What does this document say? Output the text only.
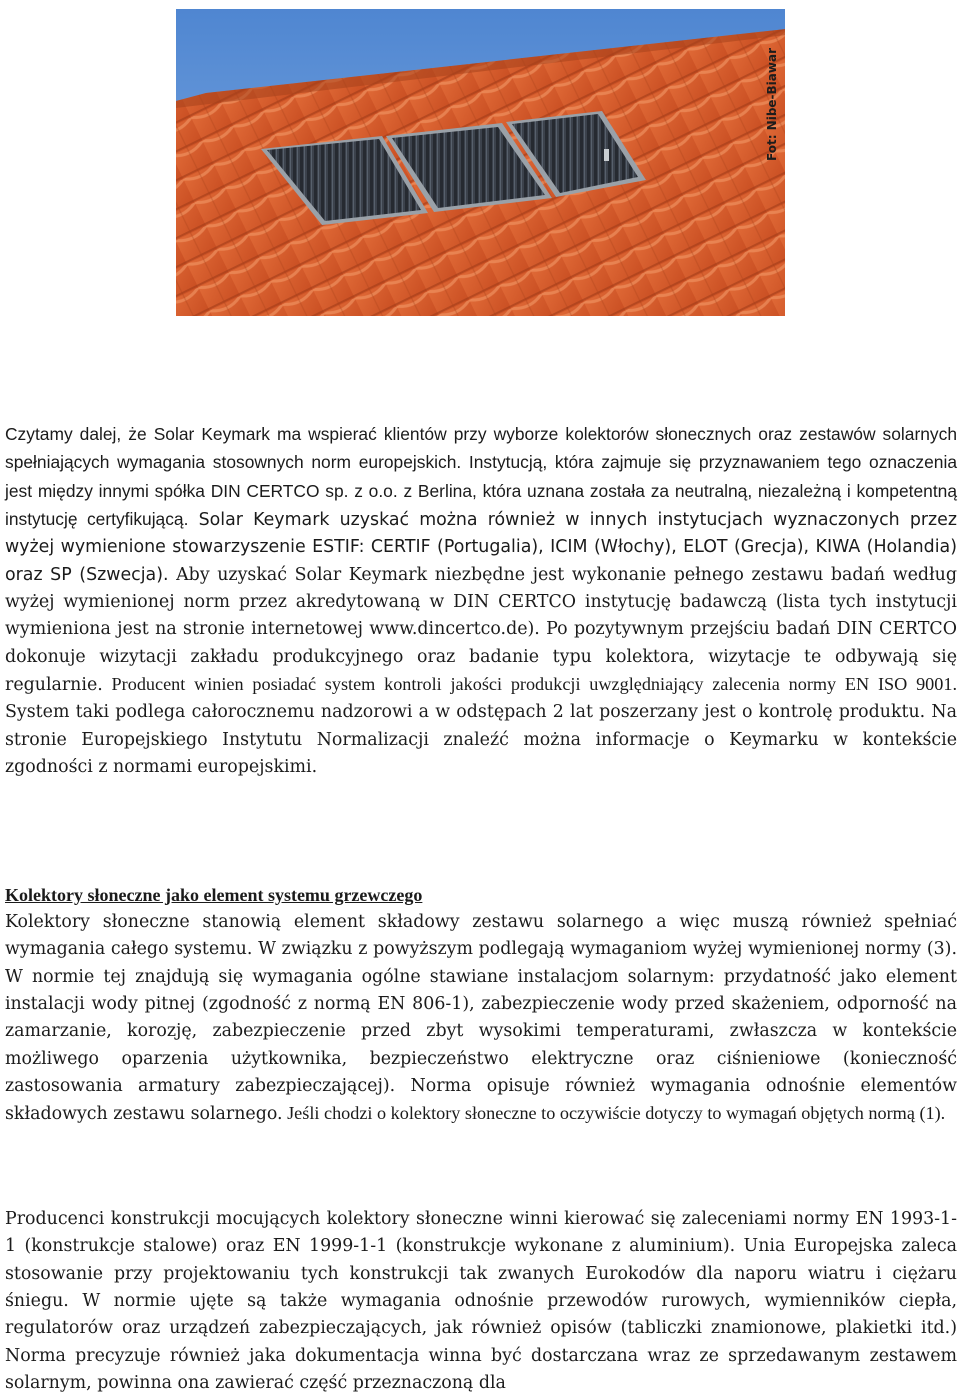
Fot: Nibe-Biawar

Czytamy dalej, że Solar Keymark ma wspierać klientów przy wyborze kolektorów słonecznych oraz zestawów solarnych spełniających wymagania stosownych norm europejskich. Instytucją, która zajmuje się przyznawaniem tego oznaczenia jest między innymi spółka DIN CERTCO sp. z o.o. z Berlina, która uznana została za neutralną, niezależną i kompetentną instytucję certyfikującą. Solar Keymark uzyskać można również w innych instytucjach wyznaczonych przez wyżej wymienione stowarzyszenie ESTIF: CERTIF (Portugalia), ICIM (Włochy), ELOT (Grecja), KIWA (Holandia) oraz SP (Szwecja). Aby uzyskać Solar Keymark niezbędne jest wykonanie pełnego zestawu badań według wyżej wymienionej norm przez akredytowaną w DIN CERTCO instytucję badawczą (lista tych instytucji wymieniona jest na stronie internetowej www.dincertco.de). Po pozytywnym przejściu badań DIN CERTCO dokonuje wizytacji zakładu produkcyjnego oraz badanie typu kolektora, wizytacje te odbywają się regularnie. Producent winien posiadać system kontroli jakości produkcji uwzględniający zalecenia normy EN ISO 9001. System taki podlega całorocznemu nadzorowi a w odstępach 2 lat poszerzany jest o kontrolę produktu. Na stronie Europejskiego Instytutu Normalizacji znaleźć można informacje o Keymarku w kontekście zgodności z normami europejskimi.

Kolektory słoneczne jako element systemu grzewczego

Kolektory słoneczne stanowią element składowy zestawu solarnego a więc muszą również spełniać wymagania całego systemu. W związku z powyższym podlegają wymaganiom wyżej wymienionej normy (3). W normie tej znajdują się wymagania ogólne stawiane instalacjom solarnym: przydatność jako element instalacji wody pitnej (zgodność z normą EN 806-1), zabezpieczenie wody przed skażeniem, odporność na zamarzanie, korozję, zabezpieczenie przed zbyt wysokimi temperaturami, zwłaszcza w kontekście możliwego oparzenia użytkownika, bezpieczeństwo elektryczne oraz ciśnieniowe (konieczność zastosowania armatury zabezpieczającej). Norma opisuje również wymagania odnośnie elementów składowych zestawu solarnego. Jeśli chodzi o kolektory słoneczne to oczywiście dotyczy to wymagań objętych normą (1).

Producenci konstrukcji mocujących kolektory słoneczne winni kierować się zaleceniami normy EN 1993-1- 1 (konstrukcje stalowe) oraz EN 1999-1-1 (konstrukcje wykonane z aluminium). Unia Europejska zaleca stosowanie przy projektowaniu tych konstrukcji tak zwanych Eurokodów dla naporu wiatru i ciężaru śniegu. W normie ujęte są także wymagania odnośnie przewodów rurowych, wymienników ciepła, regulatorów oraz urządzeń zabezpieczających, jak również opisów (tabliczki znamionowe, plakietki itd.) Norma precyzuje również jaka dokumentacja winna być dostarczana wraz ze sprzedawanym zestawem solarnym, powinna ona zawierać część przeznaczoną dla
